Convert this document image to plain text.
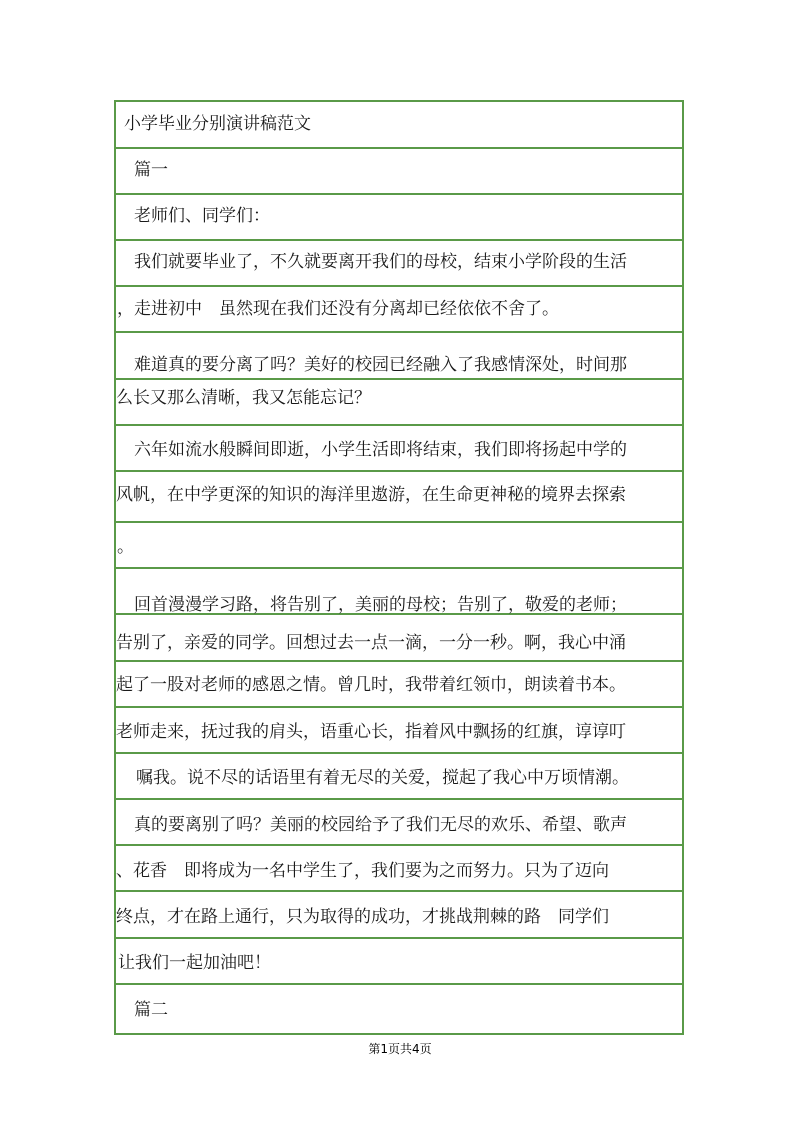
小学毕业分别演讲稿范文
篇一
老师们、同学们：
我们就要毕业了，不久就要离开我们的母校，结束小学阶段的生活
，走进初中　虽然现在我们还没有分离却已经依依不舍了。
难道真的要分离了吗？美好的校园已经融入了我感情深处，时间那
么长又那么清晰，我又怎能忘记？
六年如流水般瞬间即逝，小学生活即将结束，我们即将扬起中学的
风帆，在中学更深的知识的海洋里遨游，在生命更神秘的境界去探索
。
回首漫漫学习路，将告别了，美丽的母校；告别了，敬爱的老师；
告别了，亲爱的同学。回想过去一点一滴，一分一秒。啊，我心中涌
起了一股对老师的感恩之情。曾几时，我带着红领巾，朗读着书本。
老师走来，抚过我的肩头，语重心长，指着风中飘扬的红旗，谆谆叮
嘱我。说不尽的话语里有着无尽的关爱，搅起了我心中万顷情潮。
真的要离别了吗？美丽的校园给予了我们无尽的欢乐、希望、歌声
、花香　即将成为一名中学生了，我们要为之而努力。只为了迈向
终点，才在路上通行，只为取得的成功，才挑战荆棘的路　同学们
让我们一起加油吧！
篇二
第1页共4页
